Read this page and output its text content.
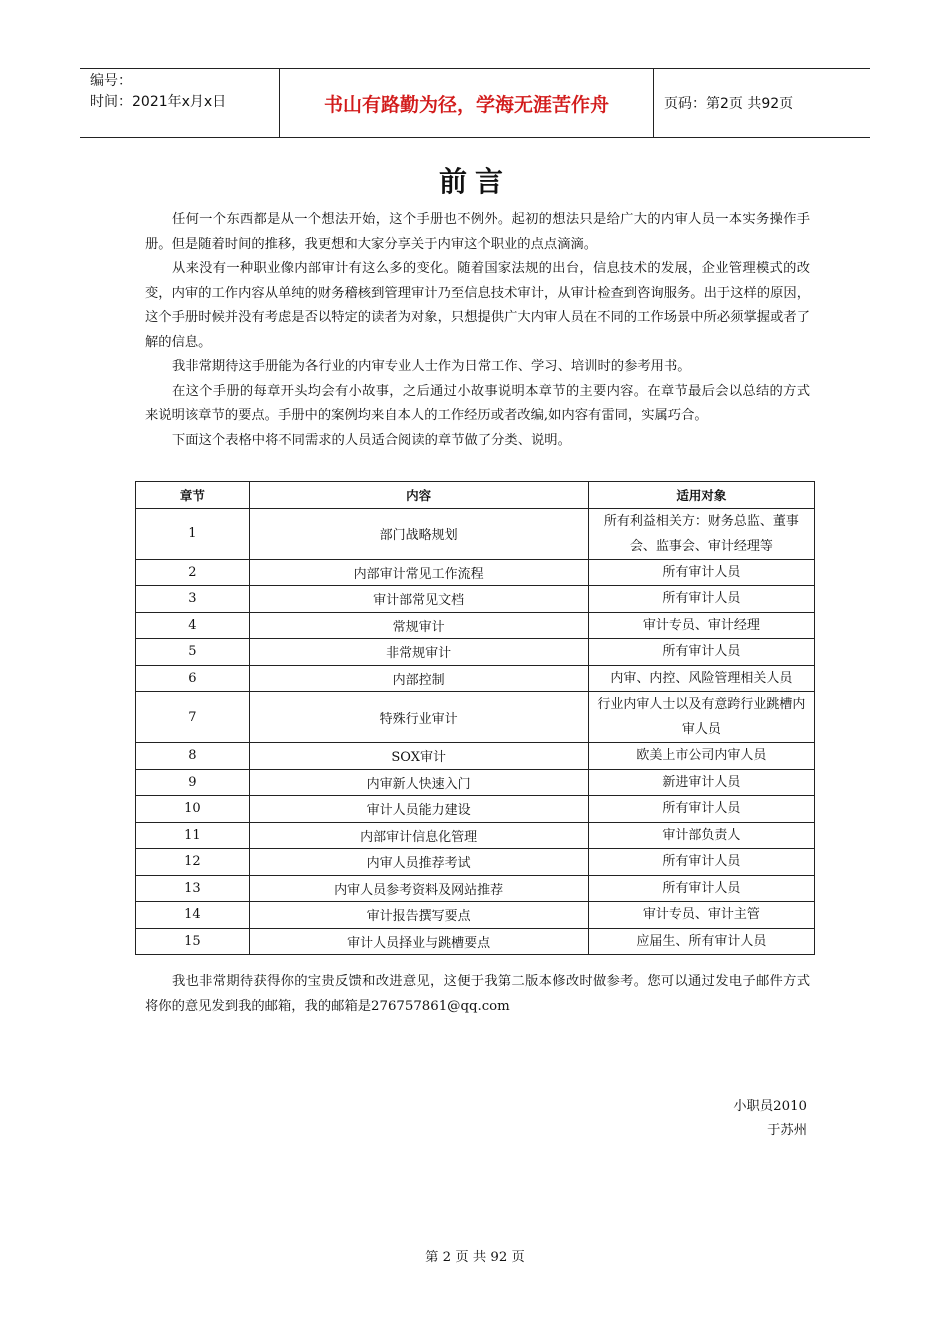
编号：
时间：2021年x月x日	书山有路勤为径，学海无涯苦作舟	页码：第2页 共92页
前言

任何一个东西都是从一个想法开始，这个手册也不例外。起初的想法只是给广大的内审人员一本实务操作手册。但是随着时间的推移，我更想和大家分享关于内审这个职业的点点滴滴。

从来没有一种职业像内部审计有这么多的变化。随着国家法规的出台，信息技术的发展，企业管理模式的改变，内审的工作内容从单纯的财务稽核到管理审计乃至信息技术审计，从审计检查到咨询服务。出于这样的原因，这个手册时候并没有考虑是否以特定的读者为对象，只想提供广大内审人员在不同的工作场景中所必须掌握或者了解的信息。

我非常期待这手册能为各行业的内审专业人士作为日常工作、学习、培训时的参考用书。

在这个手册的每章开头均会有小故事，之后通过小故事说明本章节的主要内容。在章节最后会以总结的方式来说明该章节的要点。手册中的案例均来自本人的工作经历或者改编,如内容有雷同，实属巧合。

下面这个表格中将不同需求的人员适合阅读的章节做了分类、说明。

章节	内容	适用对象
1	部门战略规划	所有利益相关方：财务总监、董事会、监事会、审计经理等
2	内部审计常见工作流程	所有审计人员
3	审计部常见文档	所有审计人员
4	常规审计	审计专员、审计经理
5	非常规审计	所有审计人员
6	内部控制	内审、内控、风险管理相关人员
7	特殊行业审计	行业内审人士以及有意跨行业跳槽内审人员
8	SOX审计	欧美上市公司内审人员
9	内审新人快速入门	新进审计人员
10	审计人员能力建设	所有审计人员
11	内部审计信息化管理	审计部负责人
12	内审人员推荐考试	所有审计人员
13	内审人员参考资料及网站推荐	所有审计人员
14	审计报告撰写要点	审计专员、审计主管
15	审计人员择业与跳槽要点	应届生、所有审计人员

我也非常期待获得你的宝贵反馈和改进意见，这便于我第二版本修改时做参考。您可以通过发电子邮件方式将你的意见发到我的邮箱，我的邮箱是276757861@qq.com

小职员2010
于苏州
第 2 页 共 92 页
